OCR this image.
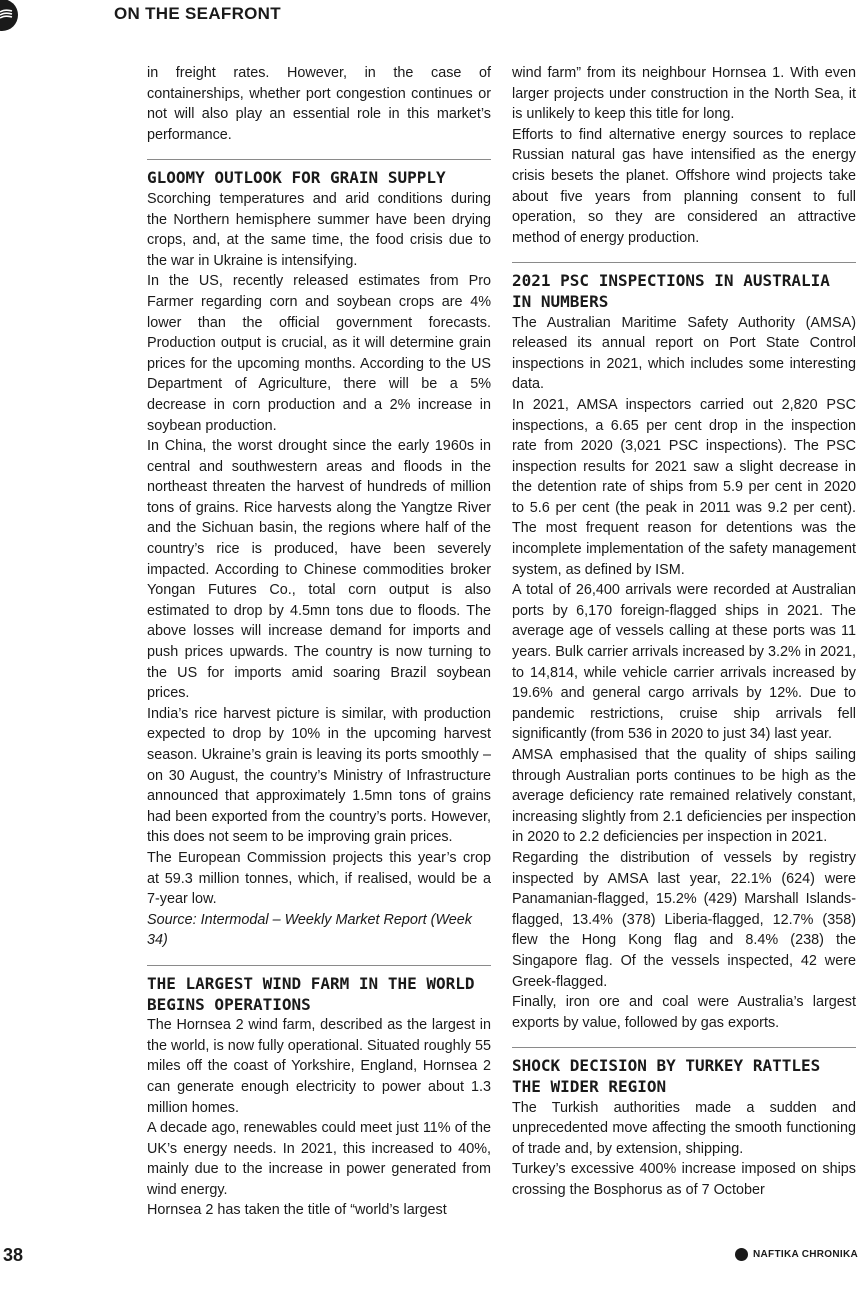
ON THE SEAFRONT

in freight rates. However, in the case of containerships, whether port congestion continues or not will also play an essential role in this market’s performance.

GLOOMY OUTLOOK FOR GRAIN SUPPLY

Scorching temperatures and arid conditions during the Northern hemisphere summer have been drying crops, and, at the same time, the food crisis due to the war in Ukraine is intensifying.

In the US, recently released estimates from Pro Farmer regarding corn and soybean crops are 4% lower than the official government forecasts. Production output is crucial, as it will determine grain prices for the upcoming months. According to the US Department of Agriculture, there will be a 5% decrease in corn production and a 2% increase in soybean production.

In China, the worst drought since the early 1960s in central and southwestern areas and floods in the northeast threaten the harvest of hundreds of million tons of grains. Rice harvests along the Yangtze River and the Sichuan basin, the regions where half of the country’s rice is produced, have been severely impacted. According to Chinese commodities broker Yongan Futures Co., total corn output is also estimated to drop by 4.5mn tons due to floods. The above losses will increase demand for imports and push prices upwards. The country is now turning to the US for imports amid soaring Brazil soybean prices.

India’s rice harvest picture is similar, with production expected to drop by 10% in the upcoming harvest season. Ukraine’s grain is leaving its ports smoothly – on 30 August, the country’s Ministry of Infrastructure announced that approximately 1.5mn tons of grains had been exported from the country’s ports. However, this does not seem to be improving grain prices.

The European Commission projects this year’s crop at 59.3 million tonnes, which, if realised, would be a 7-year low.

Source: Intermodal – Weekly Market Report (Week 34)

THE LARGEST WIND FARM IN THE WORLD BEGINS OPERATIONS

The Hornsea 2 wind farm, described as the largest in the world, is now fully operational. Situated roughly 55 miles off the coast of Yorkshire, England, Hornsea 2 can generate enough electricity to power about 1.3 million homes.

A decade ago, renewables could meet just 11% of the UK’s energy needs. In 2021, this increased to 40%, mainly due to the increase in power generated from wind energy.

Hornsea 2 has taken the title of “world’s largest

wind farm” from its neighbour Hornsea 1. With even larger projects under construction in the North Sea, it is unlikely to keep this title for long.

Efforts to find alternative energy sources to replace Russian natural gas have intensified as the energy crisis besets the planet. Offshore wind projects take about five years from planning consent to full operation, so they are considered an attractive method of energy production.

2021 PSC INSPECTIONS IN AUSTRALIA IN NUMBERS

The Australian Maritime Safety Authority (AMSA) released its annual report on Port State Control inspections in 2021, which includes some interesting data.

In 2021, AMSA inspectors carried out 2,820 PSC inspections, a 6.65 per cent drop in the inspection rate from 2020 (3,021 PSC inspections). The PSC inspection results for 2021 saw a slight decrease in the detention rate of ships from 5.9 per cent in 2020 to 5.6 per cent (the peak in 2011 was 9.2 per cent). The most frequent reason for detentions was the incomplete implementation of the safety management system, as defined by ISM.

A total of 26,400 arrivals were recorded at Australian ports by 6,170 foreign-flagged ships in 2021. The average age of vessels calling at these ports was 11 years. Bulk carrier arrivals increased by 3.2% in 2021, to 14,814, while vehicle carrier arrivals increased by 19.6% and general cargo arrivals by 12%. Due to pandemic restrictions, cruise ship arrivals fell significantly (from 536 in 2020 to just 34) last year.

AMSA emphasised that the quality of ships sailing through Australian ports continues to be high as the average deficiency rate remained relatively constant, increasing slightly from 2.1 deficiencies per inspection in 2020 to 2.2 deficiencies per inspection in 2021.

Regarding the distribution of vessels by registry inspected by AMSA last year, 22.1% (624) were Panamanian-flagged, 15.2% (429) Marshall Islands-flagged, 13.4% (378) Liberia-flagged, 12.7% (358) flew the Hong Kong flag and 8.4% (238) the Singapore flag. Of the vessels inspected, 42 were Greek-flagged.

Finally, iron ore and coal were Australia’s largest exports by value, followed by gas exports.

SHOCK DECISION BY TURKEY RATTLES THE WIDER REGION

The Turkish authorities made a sudden and unprecedented move affecting the smooth functioning of trade and, by extension, shipping.

Turkey’s excessive 400% increase imposed on ships crossing the Bosphorus as of 7 October

38	NAFTIKA CHRONIKA
